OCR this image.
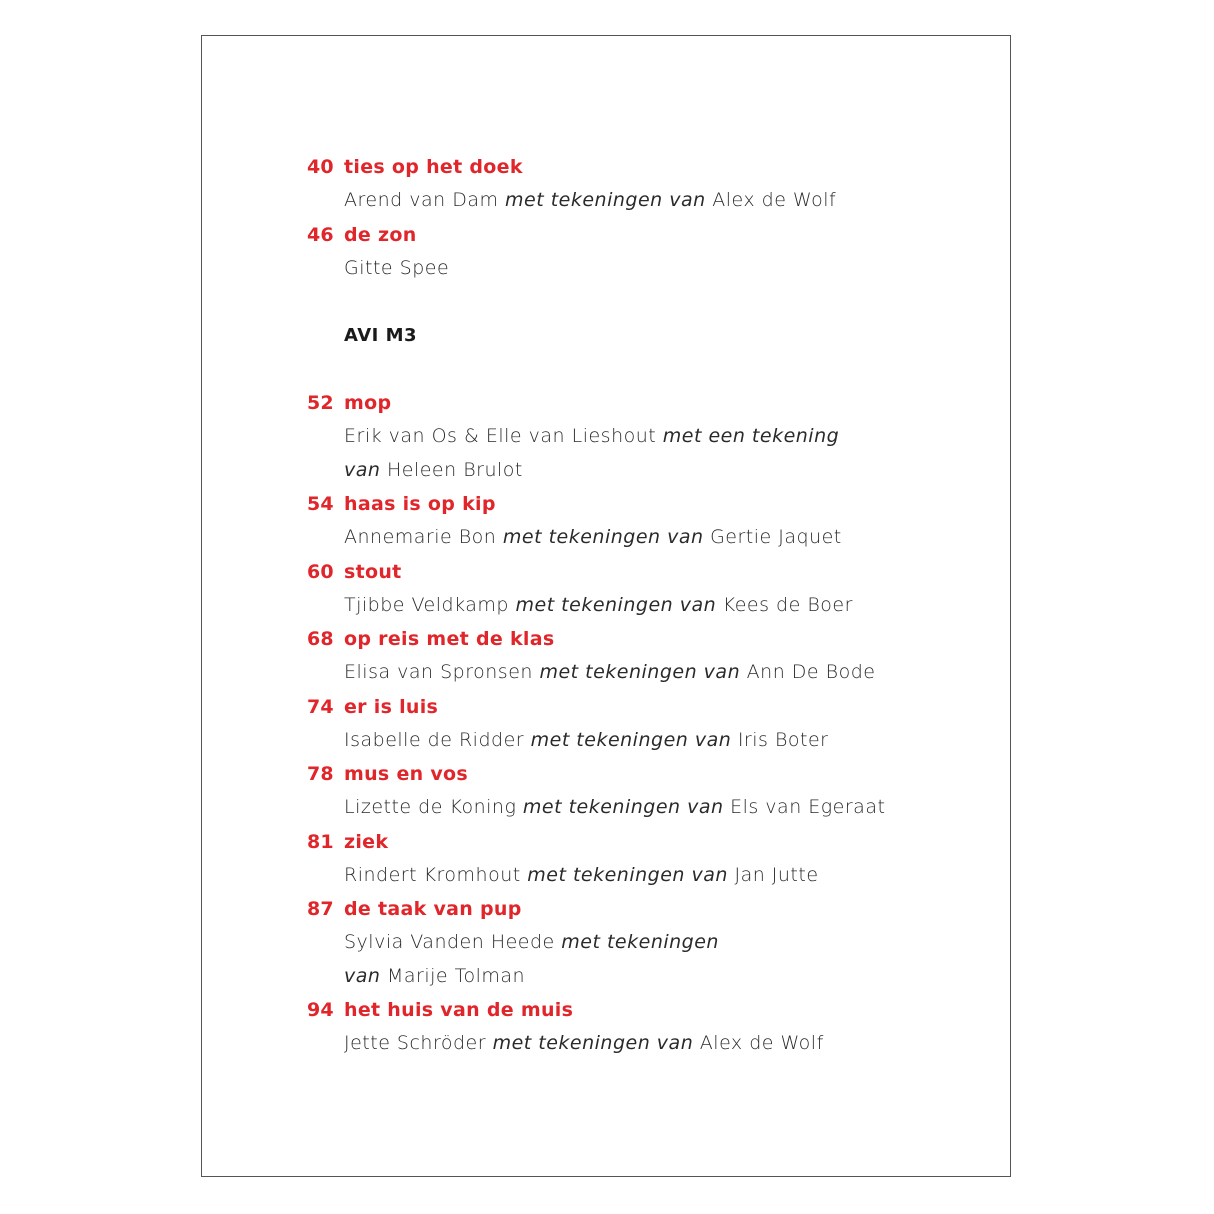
40 ties op het doek
Arend van Dam met tekeningen van Alex de Wolf
46 de zon
Gitte Spee
AVI M3
52 mop
Erik van Os & Elle van Lieshout met een tekening
van Heleen Brulot
54 haas is op kip
Annemarie Bon met tekeningen van Gertie Jaquet
60 stout
Tjibbe Veldkamp met tekeningen van Kees de Boer
68 op reis met de klas
Elisa van Spronsen met tekeningen van Ann De Bode
74 er is luis
Isabelle de Ridder met tekeningen van Iris Boter
78 mus en vos
Lizette de Koning met tekeningen van Els van Egeraat
81 ziek
Rindert Kromhout met tekeningen van Jan Jutte
87 de taak van pup
Sylvia Vanden Heede met tekeningen
van Marije Tolman
94 het huis van de muis
Jette Schröder met tekeningen van Alex de Wolf
